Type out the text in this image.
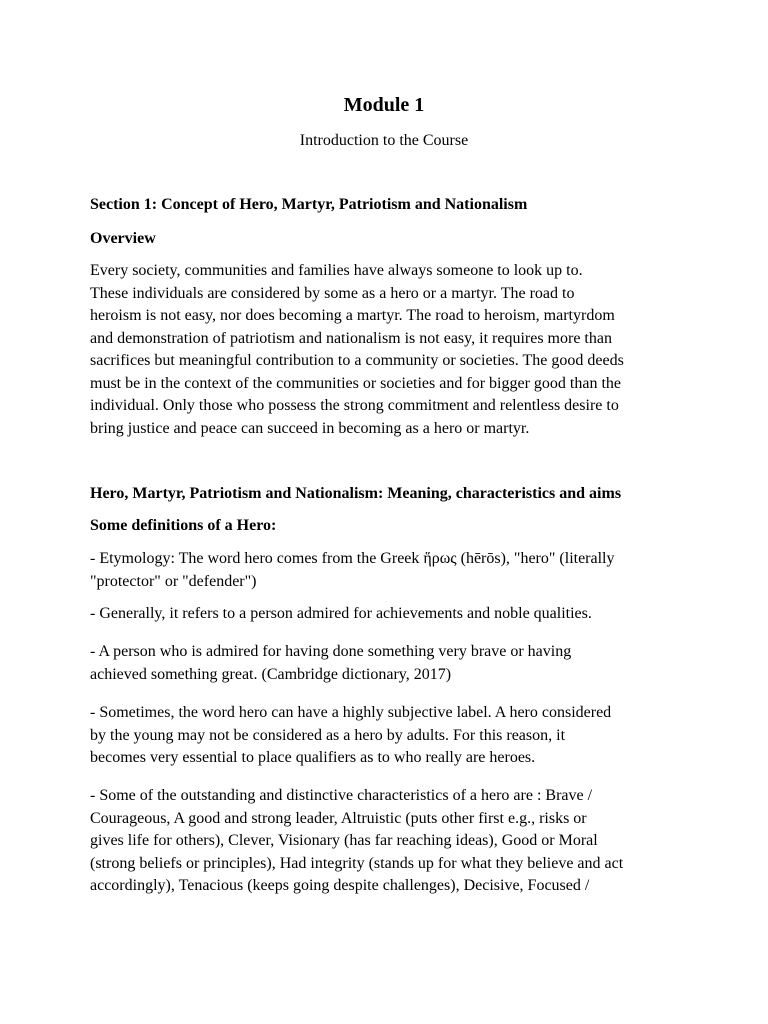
Module 1
Introduction to the Course
Section 1: Concept of Hero, Martyr, Patriotism and Nationalism
Overview
Every society, communities and families have always someone to look up to.
These individuals are considered by some as a hero or a martyr. The road to
heroism is not easy, nor does becoming a martyr. The road to heroism, martyrdom
and demonstration of patriotism and nationalism is not easy, it requires more than
sacrifices but meaningful contribution to a community or societies. The good deeds
must be in the context of the communities or societies and for bigger good than the
individual. Only those who possess the strong commitment and relentless desire to
bring justice and peace can succeed in becoming as a hero or martyr.
Hero, Martyr, Patriotism and Nationalism: Meaning, characteristics and aims
Some definitions of a Hero:
- Etymology: The word hero comes from the Greek ἥρως (hērōs), "hero" (literally
"protector" or "defender")
- Generally, it refers to a person admired for achievements and noble qualities.
- A person who is admired for having done something very brave or having
achieved something great. (Cambridge dictionary, 2017)
- Sometimes, the word hero can have a highly subjective label. A hero considered
by the young may not be considered as a hero by adults. For this reason, it
becomes very essential to place qualifiers as to who really are heroes.
- Some of the outstanding and distinctive characteristics of a hero are : Brave /
Courageous, A good and strong leader, Altruistic (puts other first e.g., risks or
gives life for others), Clever, Visionary (has far reaching ideas), Good or Moral
(strong beliefs or principles), Had integrity (stands up for what they believe and act
accordingly), Tenacious (keeps going despite challenges), Decisive, Focused /
